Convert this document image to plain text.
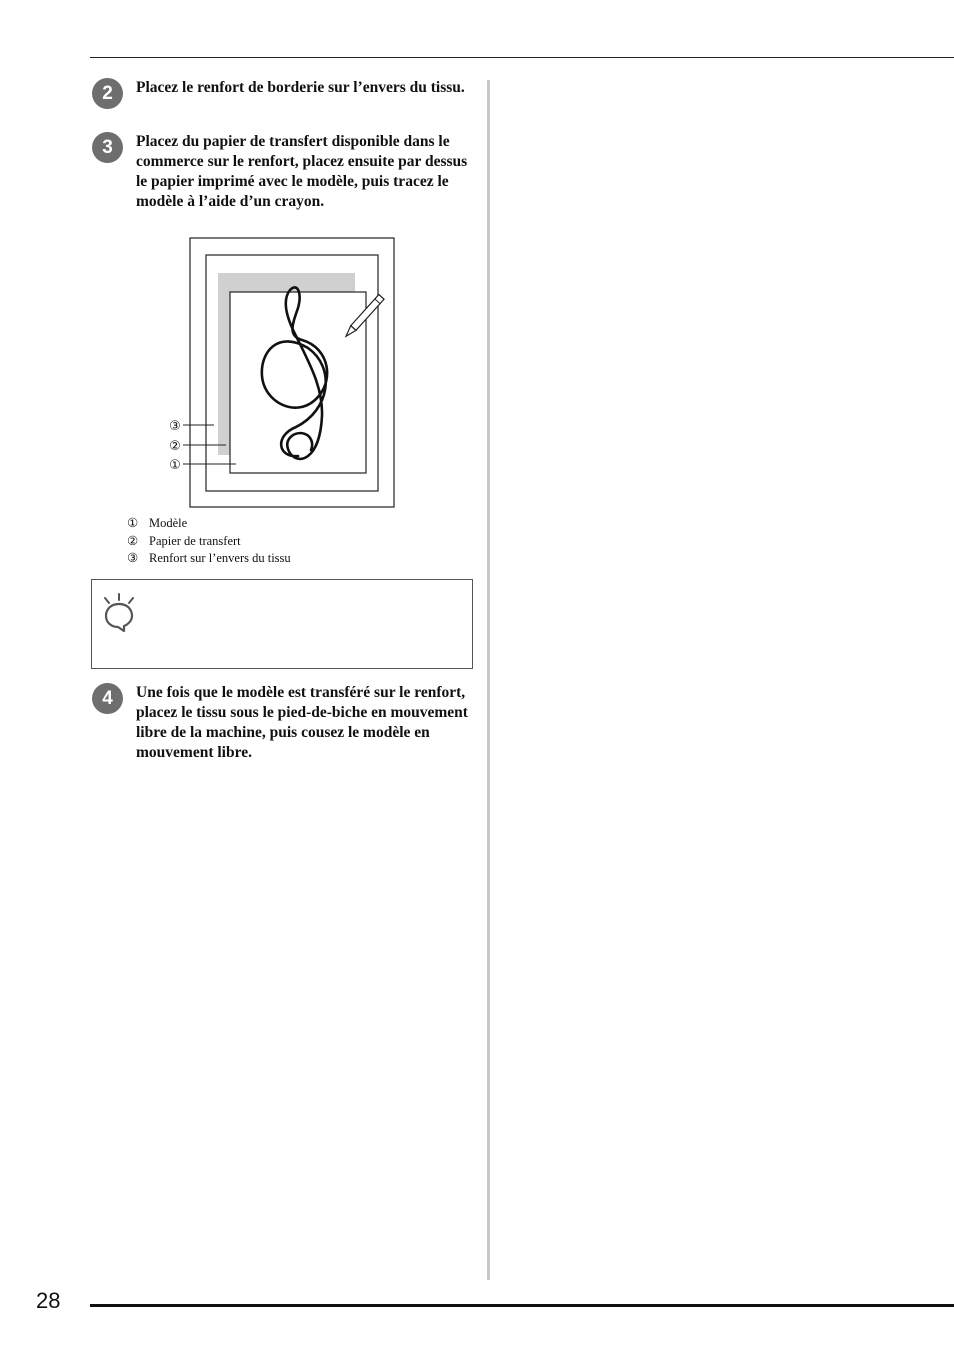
2	Placez le renfort de borderie sur l’envers du tissu.

3	Placez du papier de transfert disponible dans le commerce sur le renfort, placez ensuite par dessus le papier imprimé avec le modèle, puis tracez le modèle à l’aide d’un crayon.

③
②
①
① Modèle
② Papier de transfert
③ Renfort sur l’envers du tissu
4	Une fois que le modèle est transféré sur le renfort, placez le tissu sous le pied-de-biche en mouvement libre de la machine, puis cousez le modèle en mouvement libre.

28
